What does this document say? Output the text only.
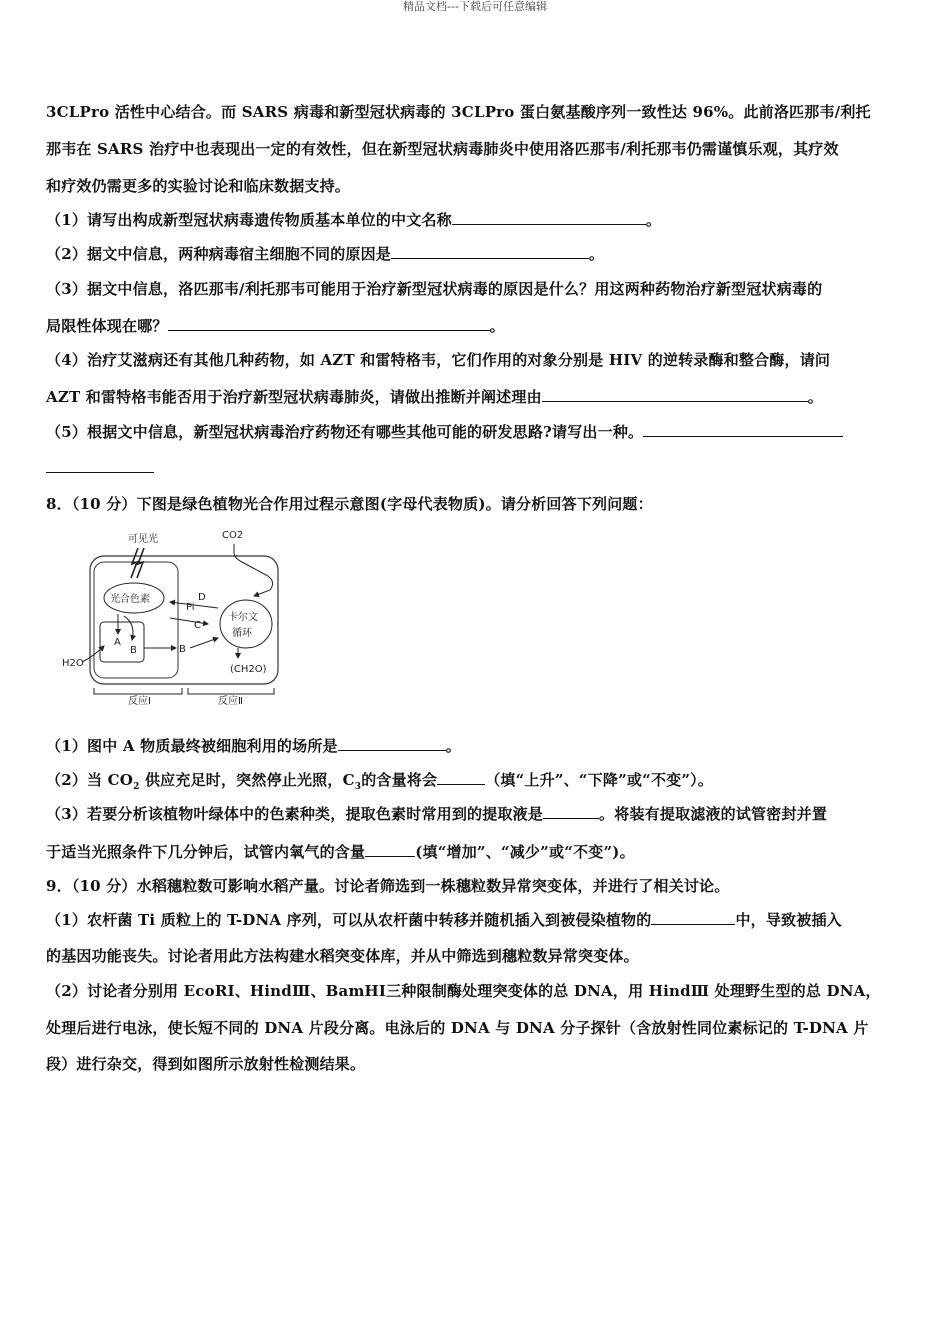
精品文档---下载后可任意编辑
3CLPro 活性中心结合。而 SARS 病毒和新型冠状病毒的 3CLPro 蛋白氨基酸序列一致性达 96%。此前洛匹那韦/利托
那韦在 SARS 治疗中也表现出一定的有效性，但在新型冠状病毒肺炎中使用洛匹那韦/利托那韦仍需谨慎乐观，其疗效
和疗效仍需更多的实验讨论和临床数据支持。
（1）请写出构成新型冠状病毒遗传物质基本单位的中文名称	。
（2）据文中信息，两种病毒宿主细胞不同的原因是	。
（3）据文中信息，洛匹那韦/利托那韦可能用于治疗新型冠状病毒的原因是什么？用这两种药物治疗新型冠状病毒的
局限性体现在哪？	。
（4）治疗艾滋病还有其他几种药物，如 AZT 和雷特格韦，它们作用的对象分别是 HIV 的逆转录酶和整合酶，请问
AZT 和雷特格韦能否用于治疗新型冠状病毒肺炎，请做出推断并阐述理由	。
（5）根据文中信息，新型冠状病毒治疗药物还有哪些其他可能的研发思路?请写出一种。
8．（10 分）下图是绿色植物光合作用过程示意图(字母代表物质)。请分析回答下列问题：
可见光	CO2
光合色素
A
B
H2O
卡尔文
循环
D
Pi
C
B
(CH2O)
反应Ⅰ	反应Ⅱ
（1）图中 A 物质最终被细胞利用的场所是	。
（2）当 $CO_2$ 供应充足时，突然停止光照，$C_3$的含量将会	（填“上升”、“下降”或“不变”）。
（3）若要分析该植物叶绿体中的色素种类，提取色素时常用到的提取液是	。将装有提取滤液的试管密封并置
于适当光照条件下几分钟后，试管内氧气的含量	(填“增加”、“减少”或“不变”)。
9．（10 分）水稻穗粒数可影响水稻产量。讨论者筛选到一株穗粒数异常突变体，并进行了相关讨论。
（1）农杆菌 Ti 质粒上的 T-DNA 序列，可以从农杆菌中转移并随机插入到被侵染植物的	中，导致被插入
的基因功能丧失。讨论者用此方法构建水稻突变体库，并从中筛选到穗粒数异常突变体。
（2）讨论者分别用 EcoRⅠ、HindⅢ、BamHⅠ三种限制酶处理突变体的总 DNA，用 HindⅢ 处理野生型的总 DNA，
处理后进行电泳，使长短不同的 DNA 片段分离。电泳后的 DNA 与 DNA 分子探针（含放射性同位素标记的 T-DNA 片
段）进行杂交，得到如图所示放射性检测结果。
